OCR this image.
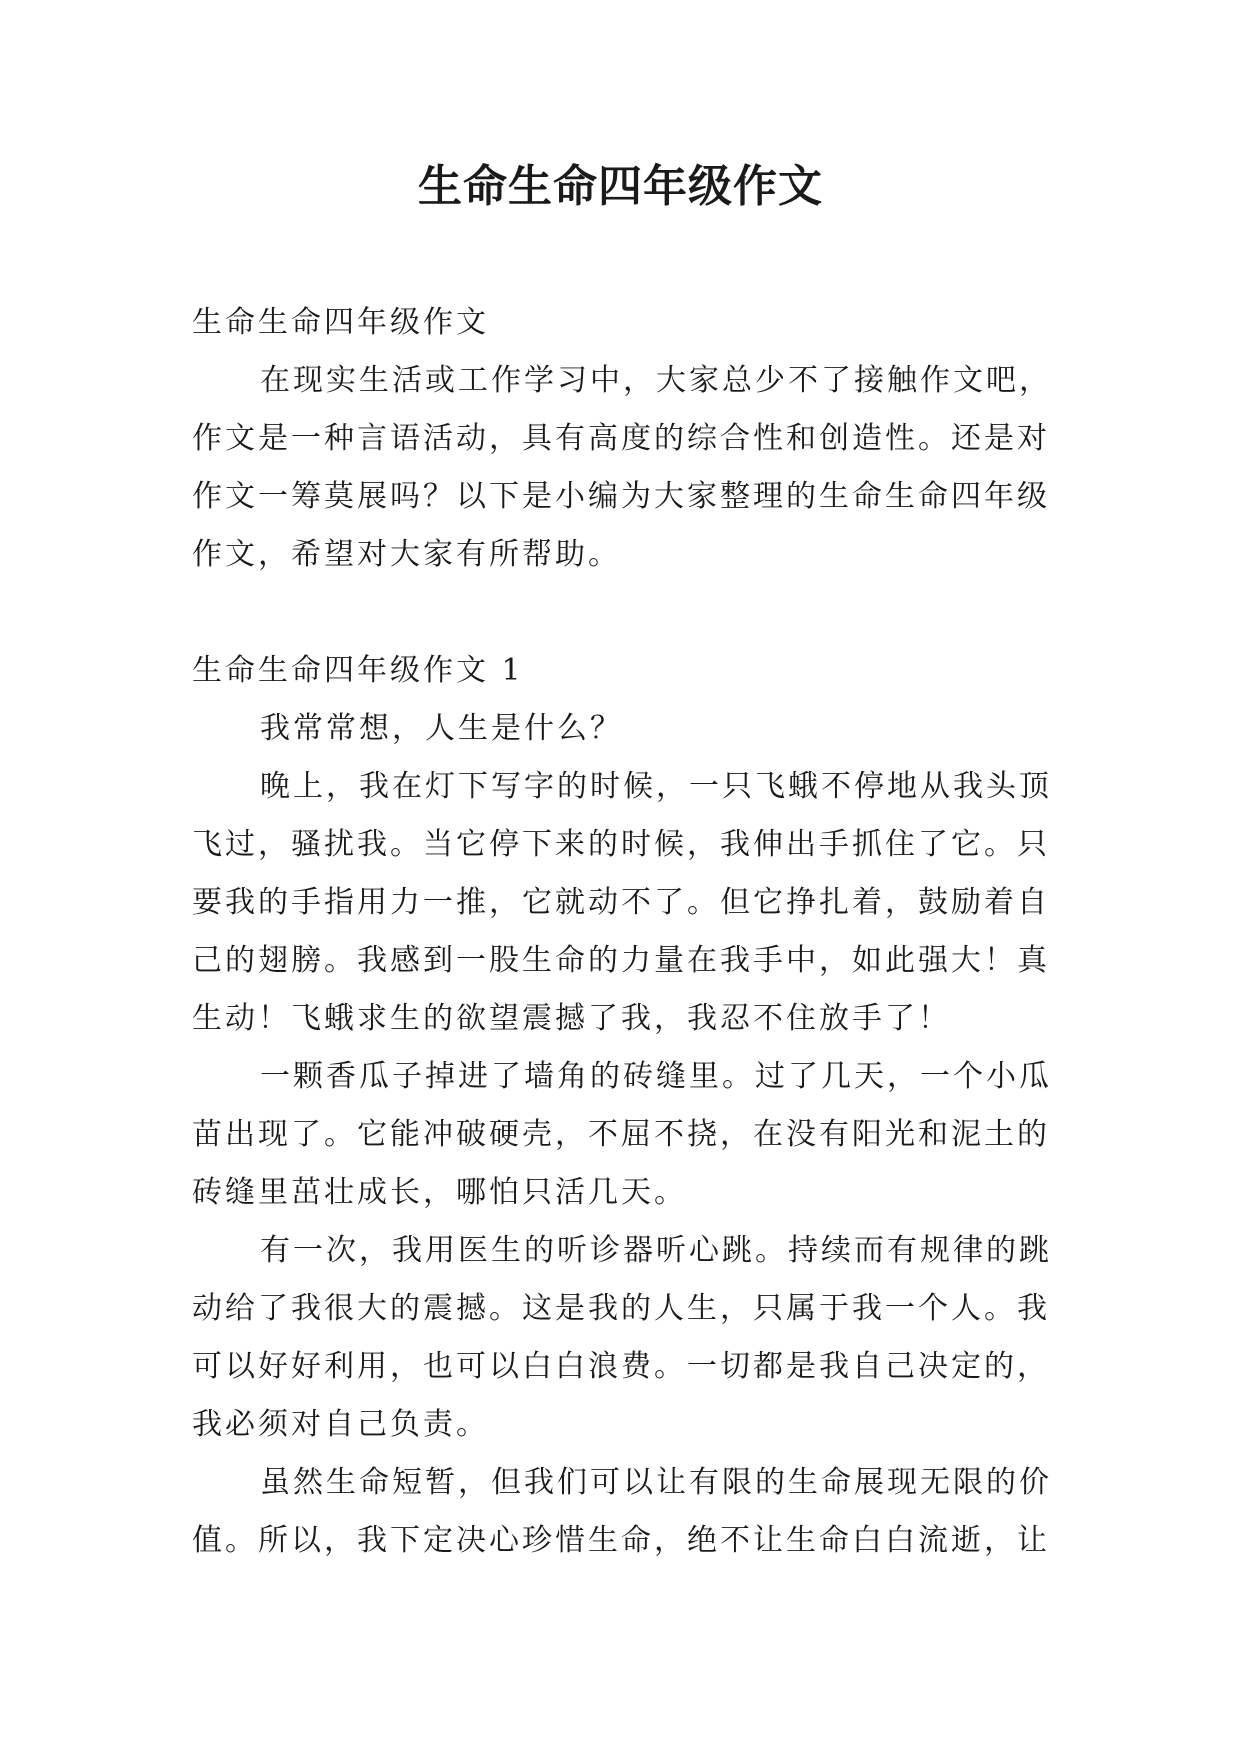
生命生命四年级作文

生命生命四年级作文

在现实生活或工作学习中，大家总少不了接触作文吧，作文是一种言语活动，具有高度的综合性和创造性。还是对作文一筹莫展吗？以下是小编为大家整理的生命生命四年级作文，希望对大家有所帮助。

生命生命四年级作文 1

我常常想，人生是什么？

晚上，我在灯下写字的时候，一只飞蛾不停地从我头顶飞过，骚扰我。当它停下来的时候，我伸出手抓住了它。只要我的手指用力一推，它就动不了。但它挣扎着，鼓励着自己的翅膀。我感到一股生命的力量在我手中，如此强大！真生动！飞蛾求生的欲望震撼了我，我忍不住放手了！

一颗香瓜子掉进了墙角的砖缝里。过了几天，一个小瓜苗出现了。它能冲破硬壳，不屈不挠，在没有阳光和泥土的砖缝里茁壮成长，哪怕只活几天。

有一次，我用医生的听诊器听心跳。持续而有规律的跳动给了我很大的震撼。这是我的人生，只属于我一个人。我可以好好利用，也可以白白浪费。一切都是我自己决定的，我必须对自己负责。

虽然生命短暂，但我们可以让有限的生命展现无限的价值。所以，我下定决心珍惜生命，绝不让生命白白流逝，让
